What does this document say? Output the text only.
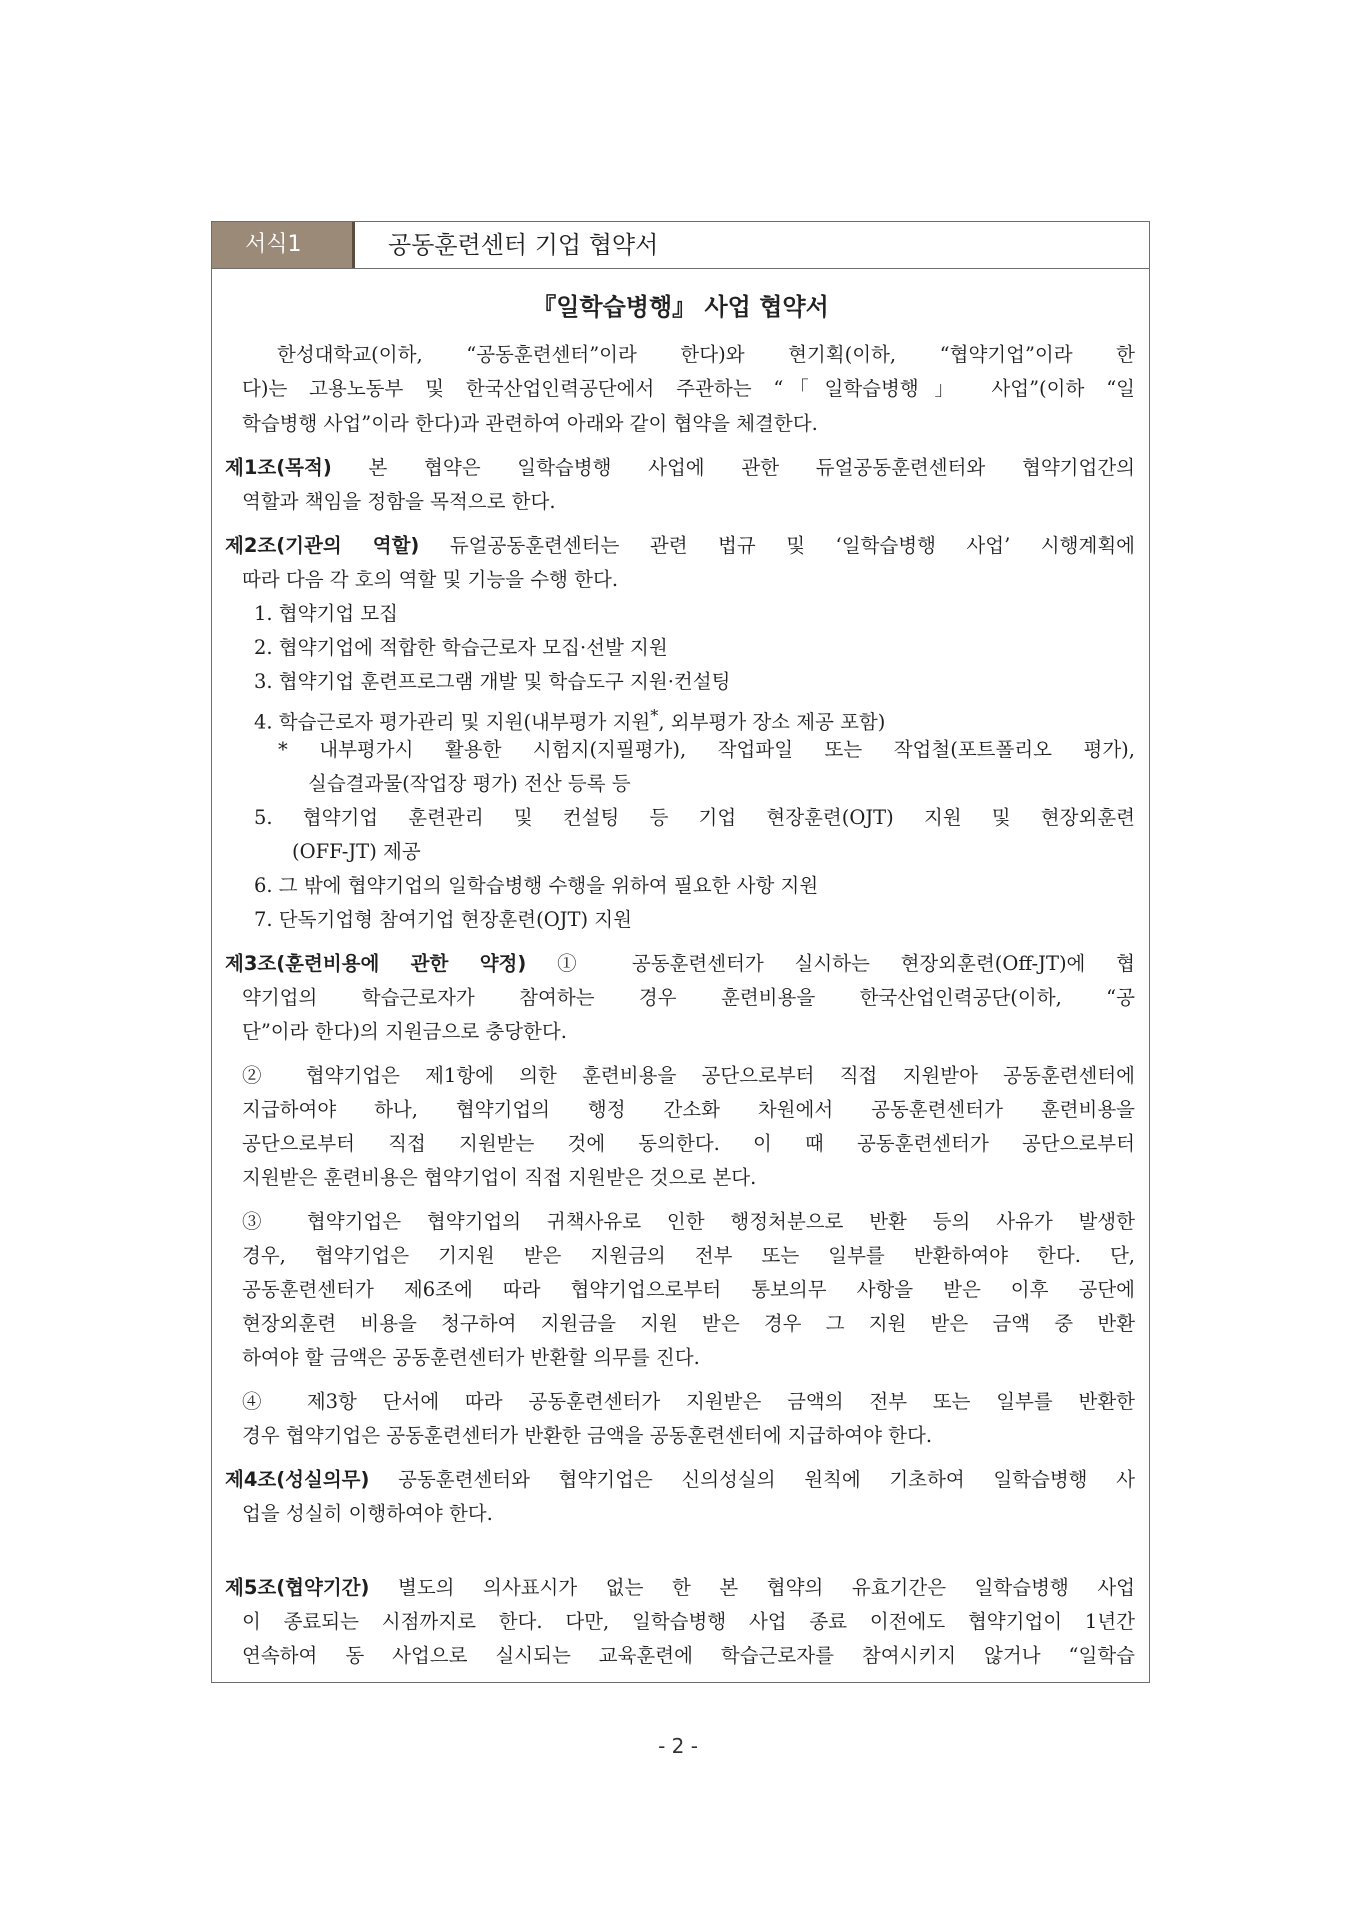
서식1	공동훈련센터 기업 협약서
『일학습병행』 사업 협약서
한성대학교(이하, “공동훈련센터”이라 한다)와 현기획(이하, “협약기업”이라 한
다)는 고용노동부 및 한국산업인력공단에서 주관하는 “「일학습병행」 사업”(이하 “일
학습병행 사업”이라 한다)과 관련하여 아래와 같이 협약을 체결한다.
제1조(목적) 본 협약은 일학습병행 사업에 관한 듀얼공동훈련센터와 협약기업간의
역할과 책임을 정함을 목적으로 한다.
제2조(기관의 역할) 듀얼공동훈련센터는 관련 법규 및 ‘일학습병행 사업’ 시행계획에
따라 다음 각 호의 역할 및 기능을 수행 한다.
1. 협약기업 모집
2. 협약기업에 적합한 학습근로자 모집·선발 지원
3. 협약기업 훈련프로그램 개발 및 학습도구 지원·컨설팅
4. 학습근로자 평가관리 및 지원(내부평가 지원*, 외부평가 장소 제공 포함)
* 내부평가시 활용한 시험지(지필평가), 작업파일 또는 작업철(포트폴리오 평가),
실습결과물(작업장 평가) 전산 등록 등
5. 협약기업 훈련관리 및 컨설팅 등 기업 현장훈련(OJT) 지원 및 현장외훈련
(OFF-JT) 제공
6. 그 밖에 협약기업의 일학습병행 수행을 위하여 필요한 사항 지원
7. 단독기업형 참여기업 현장훈련(OJT) 지원
제3조(훈련비용에 관한 약정) ① 공동훈련센터가 실시하는 현장외훈련(Off-JT)에 협
약기업의 학습근로자가 참여하는 경우 훈련비용을 한국산업인력공단(이하, “공
단”이라 한다)의 지원금으로 충당한다.
② 협약기업은 제1항에 의한 훈련비용을 공단으로부터 직접 지원받아 공동훈련센터에
지급하여야 하나, 협약기업의 행정 간소화 차원에서 공동훈련센터가 훈련비용을
공단으로부터 직접 지원받는 것에 동의한다. 이 때 공동훈련센터가 공단으로부터
지원받은 훈련비용은 협약기업이 직접 지원받은 것으로 본다.
③ 협약기업은 협약기업의 귀책사유로 인한 행정처분으로 반환 등의 사유가 발생한
경우, 협약기업은 기지원 받은 지원금의 전부 또는 일부를 반환하여야 한다. 단,
공동훈련센터가 제6조에 따라 협약기업으로부터 통보의무 사항을 받은 이후 공단에
현장외훈련 비용을 청구하여 지원금을 지원 받은 경우 그 지원 받은 금액 중 반환
하여야 할 금액은 공동훈련센터가 반환할 의무를 진다.
④ 제3항 단서에 따라 공동훈련센터가 지원받은 금액의 전부 또는 일부를 반환한
경우 협약기업은 공동훈련센터가 반환한 금액을 공동훈련센터에 지급하여야 한다.
제4조(성실의무) 공동훈련센터와 협약기업은 신의성실의 원칙에 기초하여 일학습병행 사
업을 성실히 이행하여야 한다.
제5조(협약기간) 별도의 의사표시가 없는 한 본 협약의 유효기간은 일학습병행 사업
이 종료되는 시점까지로 한다. 다만, 일학습병행 사업 종료 이전에도 협약기업이 1년간
연속하여 동 사업으로 실시되는 교육훈련에 학습근로자를 참여시키지 않거나 “일학습
- 2 -
